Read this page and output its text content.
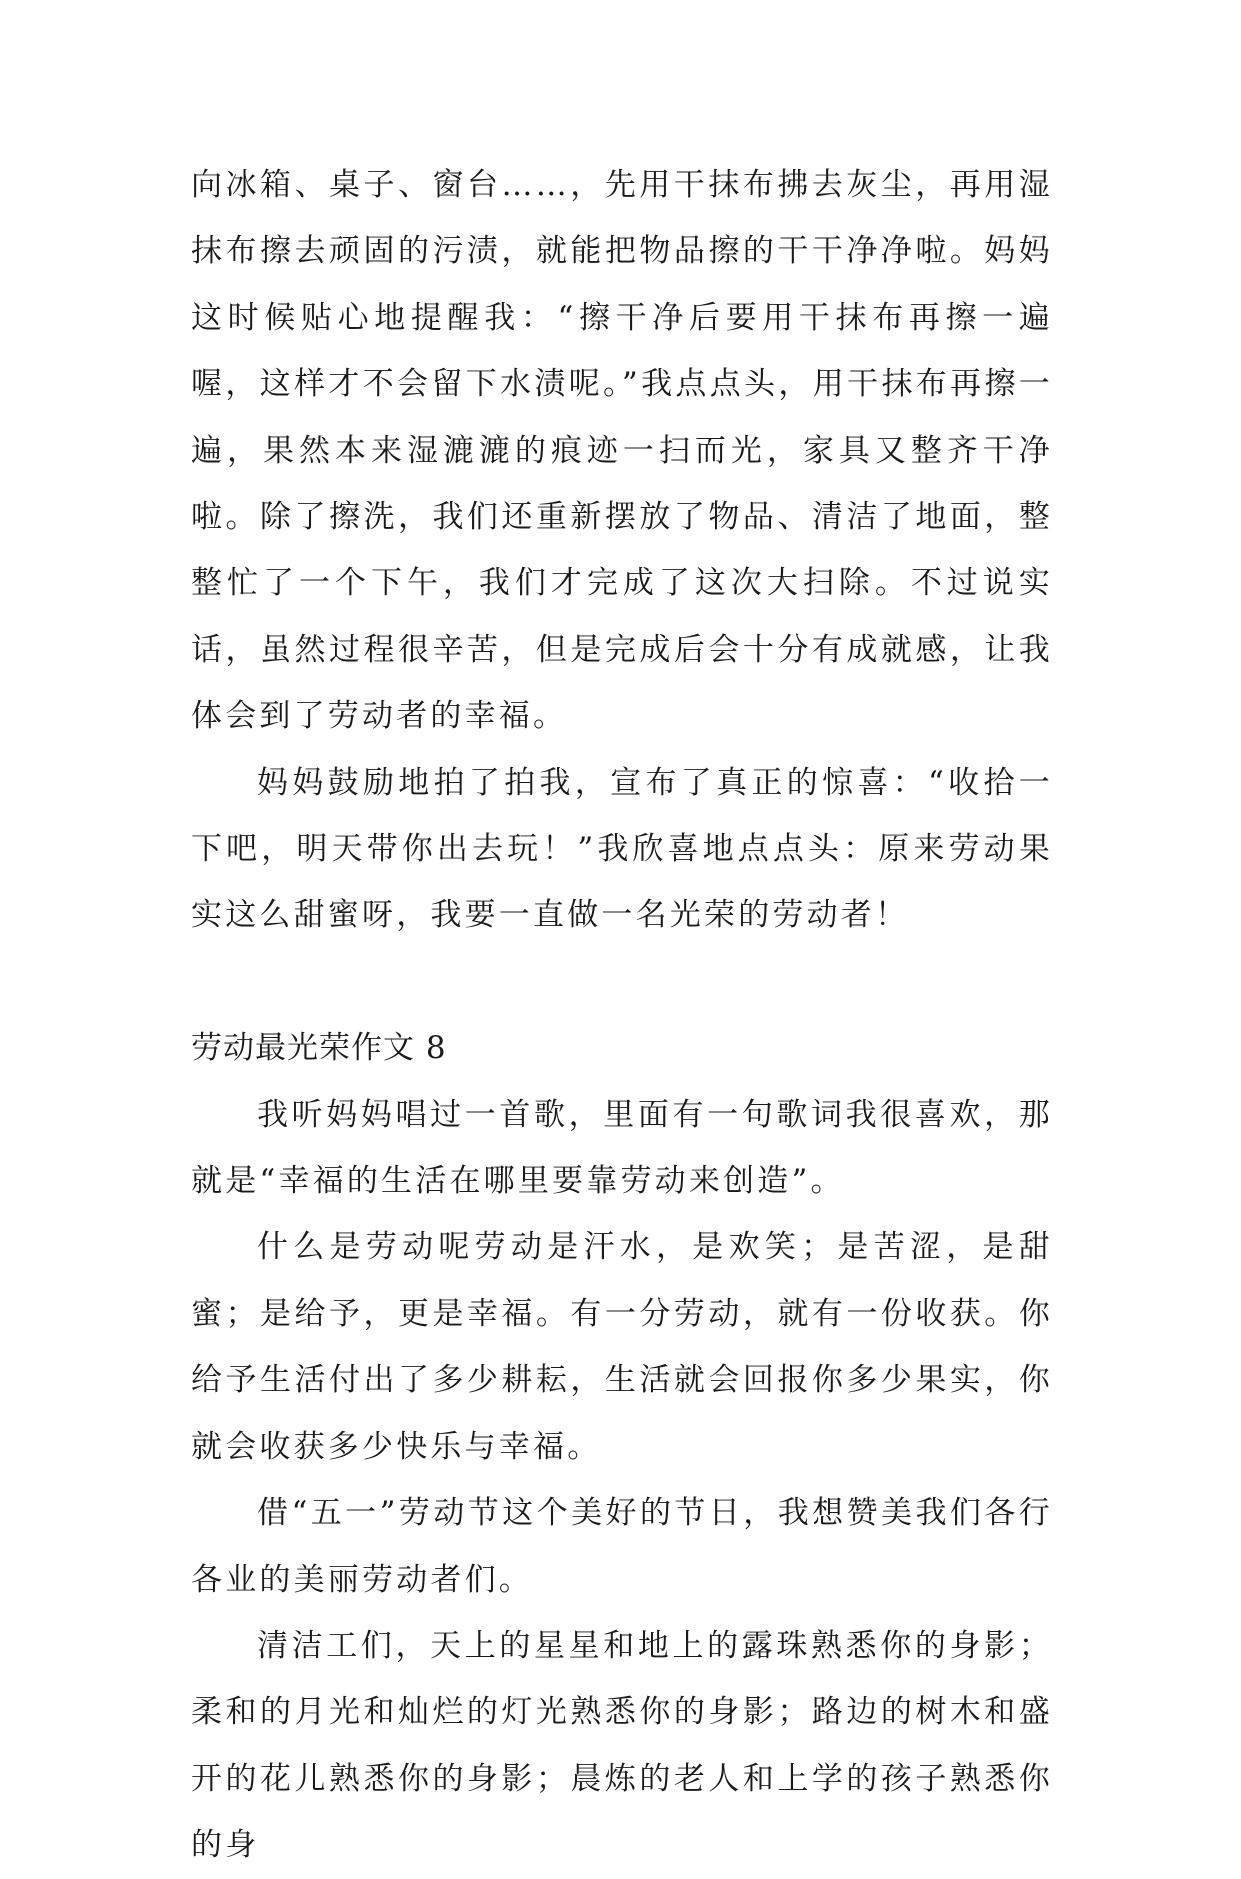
向冰箱、桌子、窗台……，先用干抹布拂去灰尘，再用湿抹布擦去顽固的污渍，就能把物品擦的干干净净啦。妈妈这时候贴心地提醒我：“擦干净后要用干抹布再擦一遍喔，这样才不会留下水渍呢。”我点点头，用干抹布再擦一遍，果然本来湿漉漉的痕迹一扫而光，家具又整齐干净啦。除了擦洗，我们还重新摆放了物品、清洁了地面，整整忙了一个下午，我们才完成了这次大扫除。不过说实话，虽然过程很辛苦，但是完成后会十分有成就感，让我体会到了劳动者的幸福。

妈妈鼓励地拍了拍我，宣布了真正的惊喜：“收拾一下吧，明天带你出去玩！”我欣喜地点点头：原来劳动果实这么甜蜜呀，我要一直做一名光荣的劳动者！

劳动最光荣作文 8

我听妈妈唱过一首歌，里面有一句歌词我很喜欢，那就是“幸福的生活在哪里要靠劳动来创造”。

什么是劳动呢劳动是汗水，是欢笑；是苦涩，是甜蜜；是给予，更是幸福。有一分劳动，就有一份收获。你给予生活付出了多少耕耘，生活就会回报你多少果实，你就会收获多少快乐与幸福。

借“五一”劳动节这个美好的节日，我想赞美我们各行各业的美丽劳动者们。

清洁工们，天上的星星和地上的露珠熟悉你的身影；柔和的月光和灿烂的灯光熟悉你的身影；路边的树木和盛开的花儿熟悉你的身影；晨炼的老人和上学的孩子熟悉你的身
